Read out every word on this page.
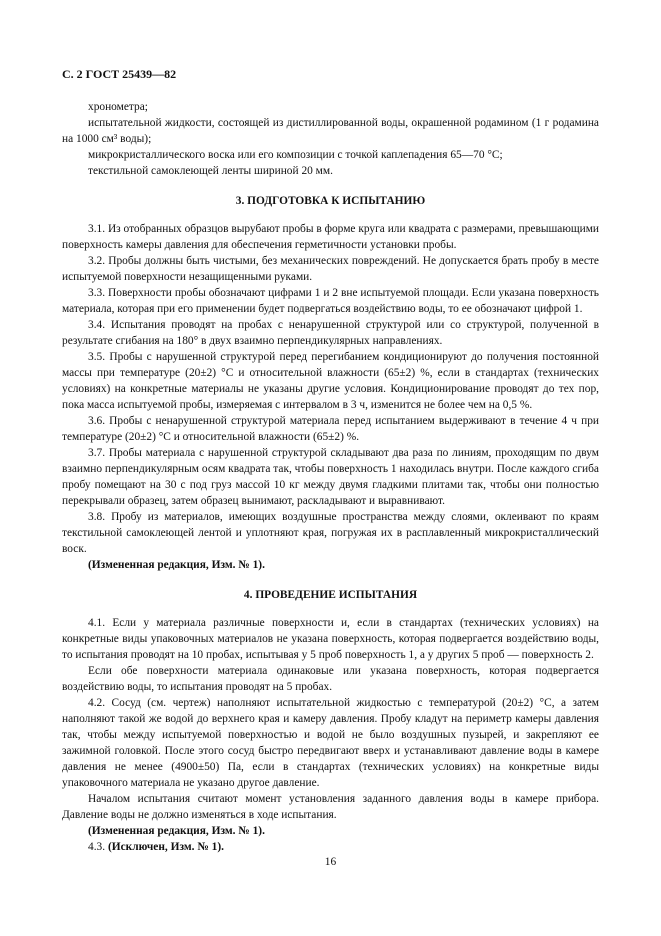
С. 2 ГОСТ 25439—82

хронометра;

испытательной жидкости, состоящей из дистиллированной воды, окрашенной родамином (1 г родамина на 1000 см³ воды);

микрокристаллического воска или его композиции с точкой каплепадения 65—70 °С;

текстильной самоклеющей ленты шириной 20 мм.

3. ПОДГОТОВКА К ИСПЫТАНИЮ

3.1. Из отобранных образцов вырубают пробы в форме круга или квадрата с размерами, превышающими поверхность камеры давления для обеспечения герметичности установки пробы.

3.2. Пробы должны быть чистыми, без механических повреждений. Не допускается брать пробу в месте испытуемой поверхности незащищенными руками.

3.3. Поверхности пробы обозначают цифрами 1 и 2 вне испытуемой площади. Если указана поверхность материала, которая при его применении будет подвергаться воздействию воды, то ее обозначают цифрой 1.

3.4. Испытания проводят на пробах с ненарушенной структурой или со структурой, полученной в результате сгибания на 180° в двух взаимно перпендикулярных направлениях.

3.5. Пробы с нарушенной структурой перед перегибанием кондиционируют до получения постоянной массы при температуре (20±2) °С и относительной влажности (65±2) %, если в стандартах (технических условиях) на конкретные материалы не указаны другие условия. Кондиционирование проводят до тех пор, пока масса испытуемой пробы, измеряемая с интервалом в 3 ч, изменится не более чем на 0,5 %.

3.6. Пробы с ненарушенной структурой материала перед испытанием выдерживают в течение 4 ч при температуре (20±2) °С и относительной влажности (65±2) %.

3.7. Пробы материала с нарушенной структурой складывают два раза по линиям, проходящим по двум взаимно перпендикулярным осям квадрата так, чтобы поверхность 1 находилась внутри. После каждого сгиба пробу помещают на 30 с под груз массой 10 кг между двумя гладкими плитами так, чтобы они полностью перекрывали образец, затем образец вынимают, раскладывают и выравнивают.

3.8. Пробу из материалов, имеющих воздушные пространства между слоями, оклеивают по краям текстильной самоклеющей лентой и уплотняют края, погружая их в расплавленный микрокристаллический воск.

(Измененная редакция, Изм. № 1).

4. ПРОВЕДЕНИЕ ИСПЫТАНИЯ

4.1. Если у материала различные поверхности и, если в стандартах (технических условиях) на конкретные виды упаковочных материалов не указана поверхность, которая подвергается воздействию воды, то испытания проводят на 10 пробах, испытывая у 5 проб поверхность 1, а у других 5 проб — поверхность 2.

Если обе поверхности материала одинаковые или указана поверхность, которая подвергается воздействию воды, то испытания проводят на 5 пробах.

4.2. Сосуд (см. чертеж) наполняют испытательной жидкостью с температурой (20±2) °С, а затем наполняют такой же водой до верхнего края и камеру давления. Пробу кладут на периметр камеры давления так, чтобы между испытуемой поверхностью и водой не было воздушных пузырей, и закрепляют ее зажимной головкой. После этого сосуд быстро передвигают вверх и устанавливают давление воды в камере давления не менее (4900±50) Па, если в стандартах (технических условиях) на конкретные виды упаковочного материала не указано другое давление.

Началом испытания считают момент установления заданного давления воды в камере прибора. Давление воды не должно изменяться в ходе испытания.

(Измененная редакция, Изм. № 1).

4.3. (Исключен, Изм. № 1).

16
